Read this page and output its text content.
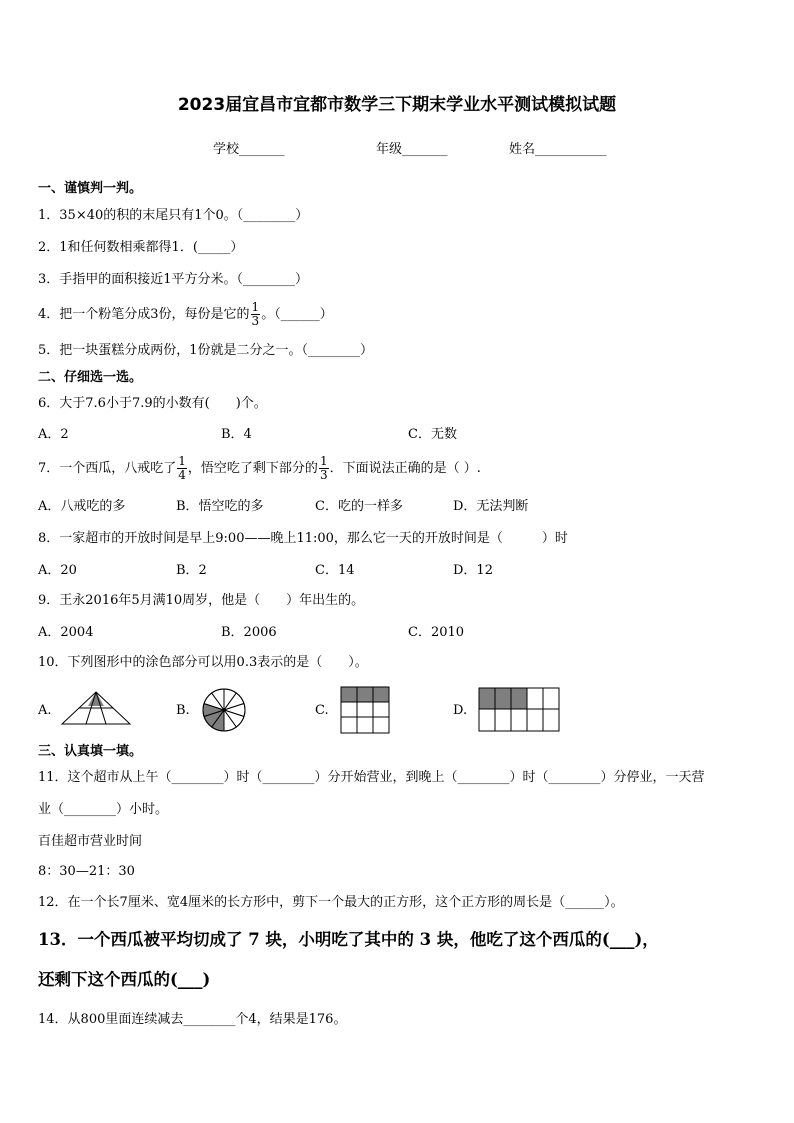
2023届宜昌市宜都市数学三下期末学业水平测试模拟试题
学校_______	年级_______	姓名___________
一、谨慎判一判。
1．35×40的积的末尾只有1个0。（________）
2．1和任何数相乘都得1．(_____）
3．手指甲的面积接近1平方分米。（________）
4．把一个粉笔分成3份，每份是它的 $\frac{1}{3}$ 。（______）
5．把一块蛋糕分成两份，1份就是二分之一。（________）
二、仔细选一选。
6．大于7.6小于7.9的小数有(　　)个。
A．2	B．4	C．无数
7．一个西瓜，八戒吃了 $\frac{1}{4}$ ，悟空吃了剩下部分的 $\frac{1}{3}$ ．下面说法正确的是（ ）.
A．八戒吃的多	B．悟空吃的多	C．吃的一样多	D．无法判断
8．一家超市的开放时间是早上9:00——晚上11:00，那么它一天的开放时间是（　　　）时
A．20	B．2	C．14	D．12
9．王永2016年5月满10周岁，他是（　　）年出生的。
A．2004	B．2006	C．2010
10．下列图形中的涂色部分可以用0.3表示的是（　　）。
A.	B.	C.	D.
三、认真填一填。
11．这个超市从上午（________）时（________）分开始营业，到晚上（________）时（________）分停业，一天营
业（________）小时。
百佳超市营业时间
8：30—21：30
12．在一个长7厘米、宽4厘米的长方形中，剪下一个最大的正方形，这个正方形的周长是（______）。
13．一个西瓜被平均切成了 7 块，小明吃了其中的 3 块，他吃了这个西瓜的(___)，
还剩下这个西瓜的(___)
14．从800里面连续减去________个4，结果是176。
